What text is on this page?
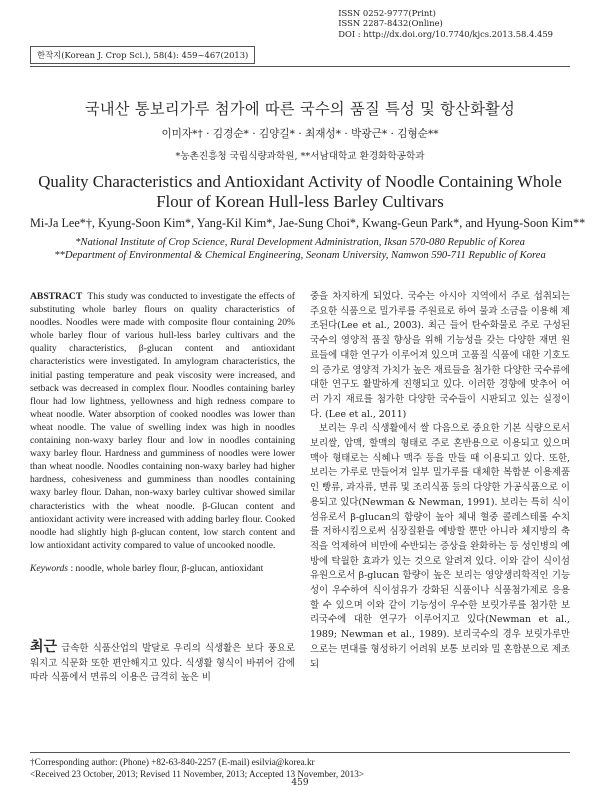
ISSN 0252-9777(Print)
ISSN 2287-8432(Online)
DOI : http://dx.doi.org/10.7740/kjcs.2013.58.4.459
한작지(Korean J. Crop Sci.), 58(4): 459~467(2013)
국내산 통보리가루 첨가에 따른 국수의 품질 특성 및 항산화활성
이미자*† · 김경순* · 김양길* · 최재성* · 박광근* · 김형순**
*농촌진흥청 국립식량과학원, **서남대학교 환경화학공학과
Quality Characteristics and Antioxidant Activity of Noodle Containing Whole
Flour of Korean Hull-less Barley Cultivars
Mi-Ja Lee*†, Kyung-Soon Kim*, Yang-Kil Kim*, Jae-Sung Choi*, Kwang-Geun Park*, and Hyung-Soon Kim**
*National Institute of Crop Science, Rural Development Administration, Iksan 570-080 Republic of Korea
**Department of Environmental & Chemical Engineering, Seonam University, Namwon 590-711 Republic of Korea
ABSTRACT This study was conducted to investigate the effects of substituting whole barley flours on quality characteristics of noodles. Noodles were made with composite flour containing 20% whole barley flour of various hull-less barley cultivars and the quality characteristics, β-glucan content and antioxidant characteristics were investigated. In amylogram characteristics, the initial pasting temperature and peak viscosity were increased, and setback was decreased in complex flour. Noodles containing barley flour had low lightness, yellowness and high redness compare to wheat noodle. Water absorption of cooked noodles was lower than wheat noodle. The value of swelling index was high in noodles containing non-waxy barley flour and low in noodles containing waxy barley flour. Hardness and gumminess of noodles were lower than wheat noodle. Noodles containing non-waxy barley had higher hardness, cohesiveness and gumminess than noodles containing waxy barley flour. Dahan, non-waxy barley cultivar showed similar characteristics with the wheat noodle. β-Glucan content and antioxidant activity were increased with adding barley flour. Cooked noodle had slightly high β-glucan content, low starch content and low antioxidant activity compared to value of uncooked noodle.
Keywords : noodle, whole barley flour, β-glucan, antioxidant
최근 급속한 식품산업의 발달로 우리의 식생활은 보다 풍요로워지고 식문화 또한 편안해지고 있다. 식생활 형식이 바뀌어 감에 따라 식품에서 면류의 이용은 급격히 높은 비
중을 차지하게 되었다. 국수는 아시아 지역에서 주로 섭취되는 주요한 식품으로 밀가루를 주원료로 하여 물과 소금을 이용해 제조된다(Lee et al., 2003). 최근 들어 탄수화물로 주로 구성된 국수의 영양적 품질 향상을 위해 기능성을 갖는 다양한 재면 원료들에 대한 연구가 이루어져 있으며 고품질 식품에 대한 기호도의 증가로 영양적 가치가 높은 재료들을 첨가한 다양한 국수류에 대한 연구도 활발하게 진행되고 있다. 이러한 경향에 맞추어 여러 가지 재료를 첨가한 다양한 국수들이 시판되고 있는 실정이다. (Lee et al., 2011)
보리는 우리 식생활에서 쌀 다음으로 중요한 기본 식량으로서 보리쌀, 압맥, 할맥의 형태로 주로 혼반용으로 이용되고 있으며 맥아 형태로는 식혜나 맥주 등을 만들 때 이용되고 있다. 또한, 보리는 가루로 만들어져 일부 밀가루를 대체한 복합분 이용제품인 빵류, 과자류, 면류 및 조리식품 등의 다양한 가공식품으로 이용되고 있다(Newman & Newman, 1991). 보리는 특히 식이섬유로서 β-glucan의 함량이 높아 체내 혈중 콜레스테롤 수치를 저하시킴으로써 심장질환을 예방할 뿐만 아니라 체지방의 축적을 억제하여 비만에 수반되는 증상을 완화하는 등 성인병의 예방에 탁월한 효과가 있는 것으로 알려져 있다. 이와 같이 식이섬유원으로서 β-glucan 함량이 높은 보리는 영양생리학적인 기능성이 우수하여 식이섬유가 강화된 식품이나 식품첨가제로 응용할 수 있으며 이와 같이 기능성이 우수한 보릿가루를 첨가한 보리국수에 대한 연구가 이루어지고 있다(Newman et al., 1989; Newman et al., 1989). 보리국수의 경우 보릿가루만으로는 면대를 형성하기 어려워 보통 보리와 밀 혼합분으로 제조되
†Corresponding author: (Phone) +82-63-840-2257 (E-mail) esilvia@korea.kr
<Received 23 October, 2013; Revised 11 November, 2013; Accepted 13 November, 2013>
459
